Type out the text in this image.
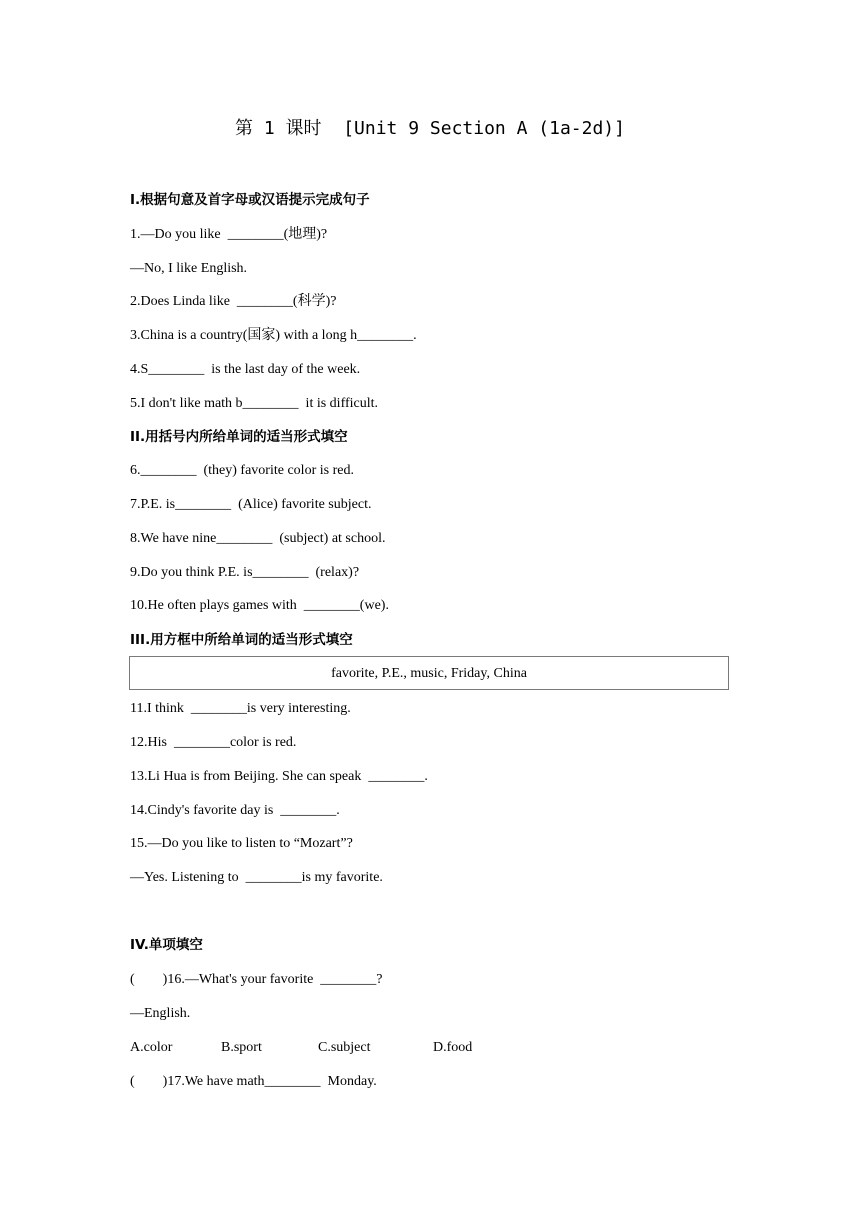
第 1 课时  [Unit 9 Section A (1a-2d)]
I.根据句意及首字母或汉语提示完成句子
1.—Do you like  ________(地理)?
—No, I like English.
2.Does Linda like  ________(科学)?
3.China is a country(国家) with a long h________.
4.S________  is the last day of the week.
5.I don't like math b________  it is difficult.
II.用括号内所给单词的适当形式填空
6.________  (they) favorite color is red.
7.P.E. is________  (Alice) favorite subject.
8.We have nine________  (subject) at school.
9.Do you think P.E. is________  (relax)?
10.He often plays games with  ________(we).
III.用方框中所给单词的适当形式填空
favorite, P.E., music, Friday, China
11.I think  ________is very interesting.
12.His  ________color is red.
13.Li Hua is from Beijing. She can speak  ________.
14.Cindy's favorite day is  ________.
15.—Do you like to listen to “Mozart”?
—Yes. Listening to  ________is my favorite.
IV.单项填空
(        )16.—What's your favorite  ________?
—English.
A.color	B.sport	C.subject	D.food
(        )17.We have math________  Monday.
